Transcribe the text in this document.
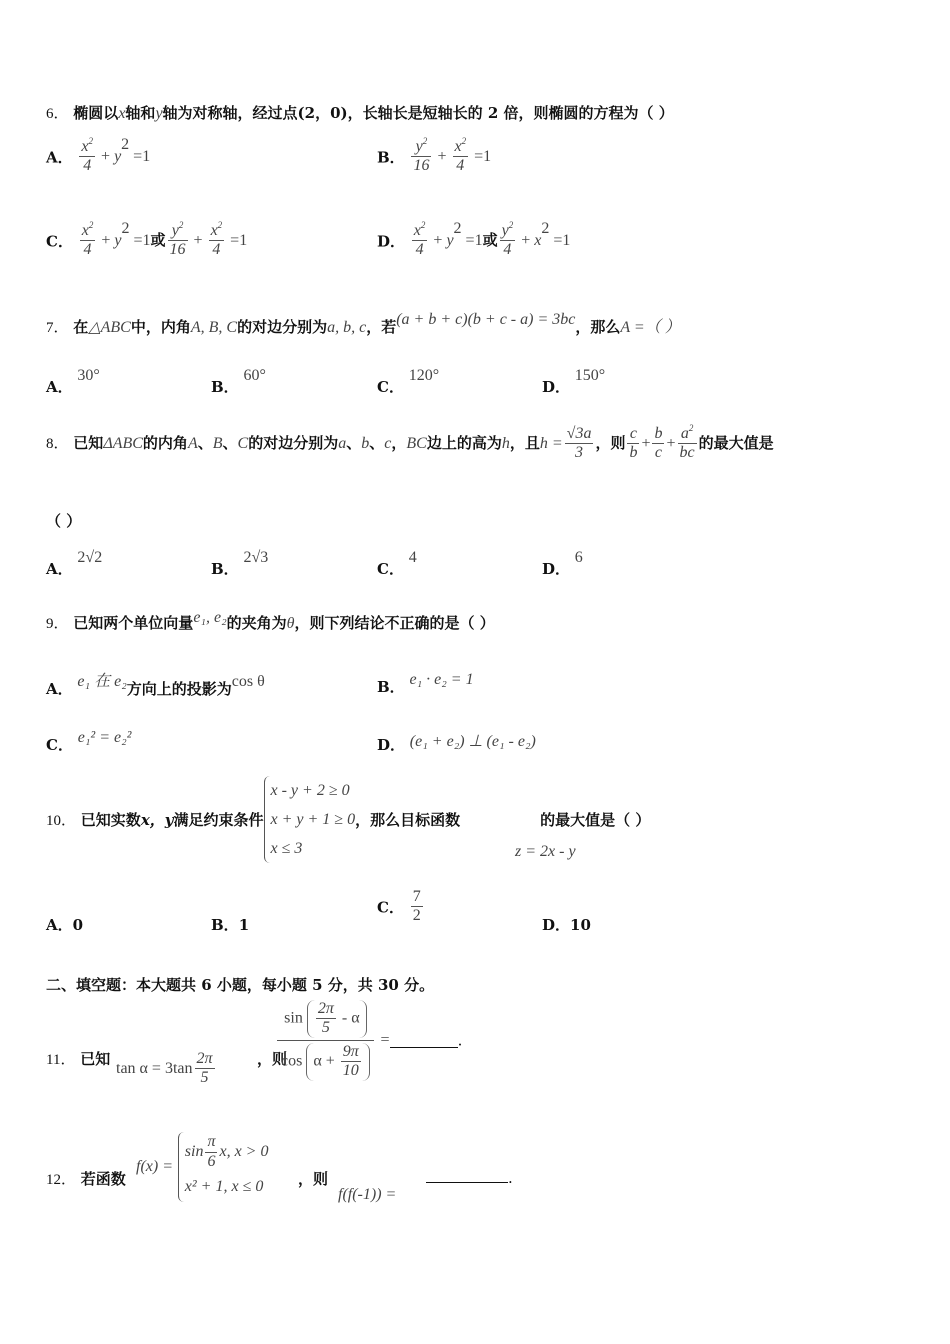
6． 椭圆以x轴和y轴为对称轴，经过点(2，0)，长轴长是短轴长的 2 倍，则椭圆的方程为（ ）
A． $\frac{x^2}{4} + y^2 =1$	B． $\frac{y^2}{16} + \frac{x^2}{4} =1$
C． $\frac{x^2}{4} + y^2 =1$或 $\frac{y^2}{16} + \frac{x^2}{4} =1$	D． $\frac{x^2}{4} + y^2 =1$或 $\frac{y^2}{4} + x^2 =1$
7． 在△ABC中，内角A, B, C的对边分别为a, b, c，若(a + b + c)(b + c - a) = 3bc，那么A =（ ）
A． 30°
B． 60°
C． 120°
D． 150°
8． 已知ΔABC的内角A、B、C的对边分别为a、b、c，BC边上的高为h，且$h = \frac{√3a}{3}$ ，则 $\frac{c}{b} + \frac{b}{c} + \frac{a^2}{bc}$ 的最大值是
（ ）
A． 2√2
B． 2√3
C． 4
D． 6
9． 已知两个单位向量e₁, e₂的夹角为θ，则下列结论不正确的是（ ）
A． e₁ 在 e₂方向上的投影为cos θ	B． e₁ · e₂ = 1
C． e₁² = e₂²	D． (e₁ + e₂) ⊥ (e₁ - e₂)
10． 已知实数x，y满足约束条件
x - y + 2 ≥ 0
x + y + 1 ≥ 0
x ≤ 3
，那么目标函数	的最大值是（ ）
z = 2x - y
A．0	B．1
C． $\frac{7}{2}$	D．10
二、填空题：本大题共 6 小题，每小题 5 分，共 30 分。
11． 已知
$\tan \alpha = 3\tan \frac{2\pi}{5}$	，则
$\frac{\sin \frac{2\pi}{5} - \alpha}{\cos \alpha + \frac{9\pi}{10}}$ =	.
12． 若函数
f(x) =
$\sin \frac{\pi}{6} x$, x > 0
x² + 1, x ≤ 0	，则
f(f(-1)) =
.
